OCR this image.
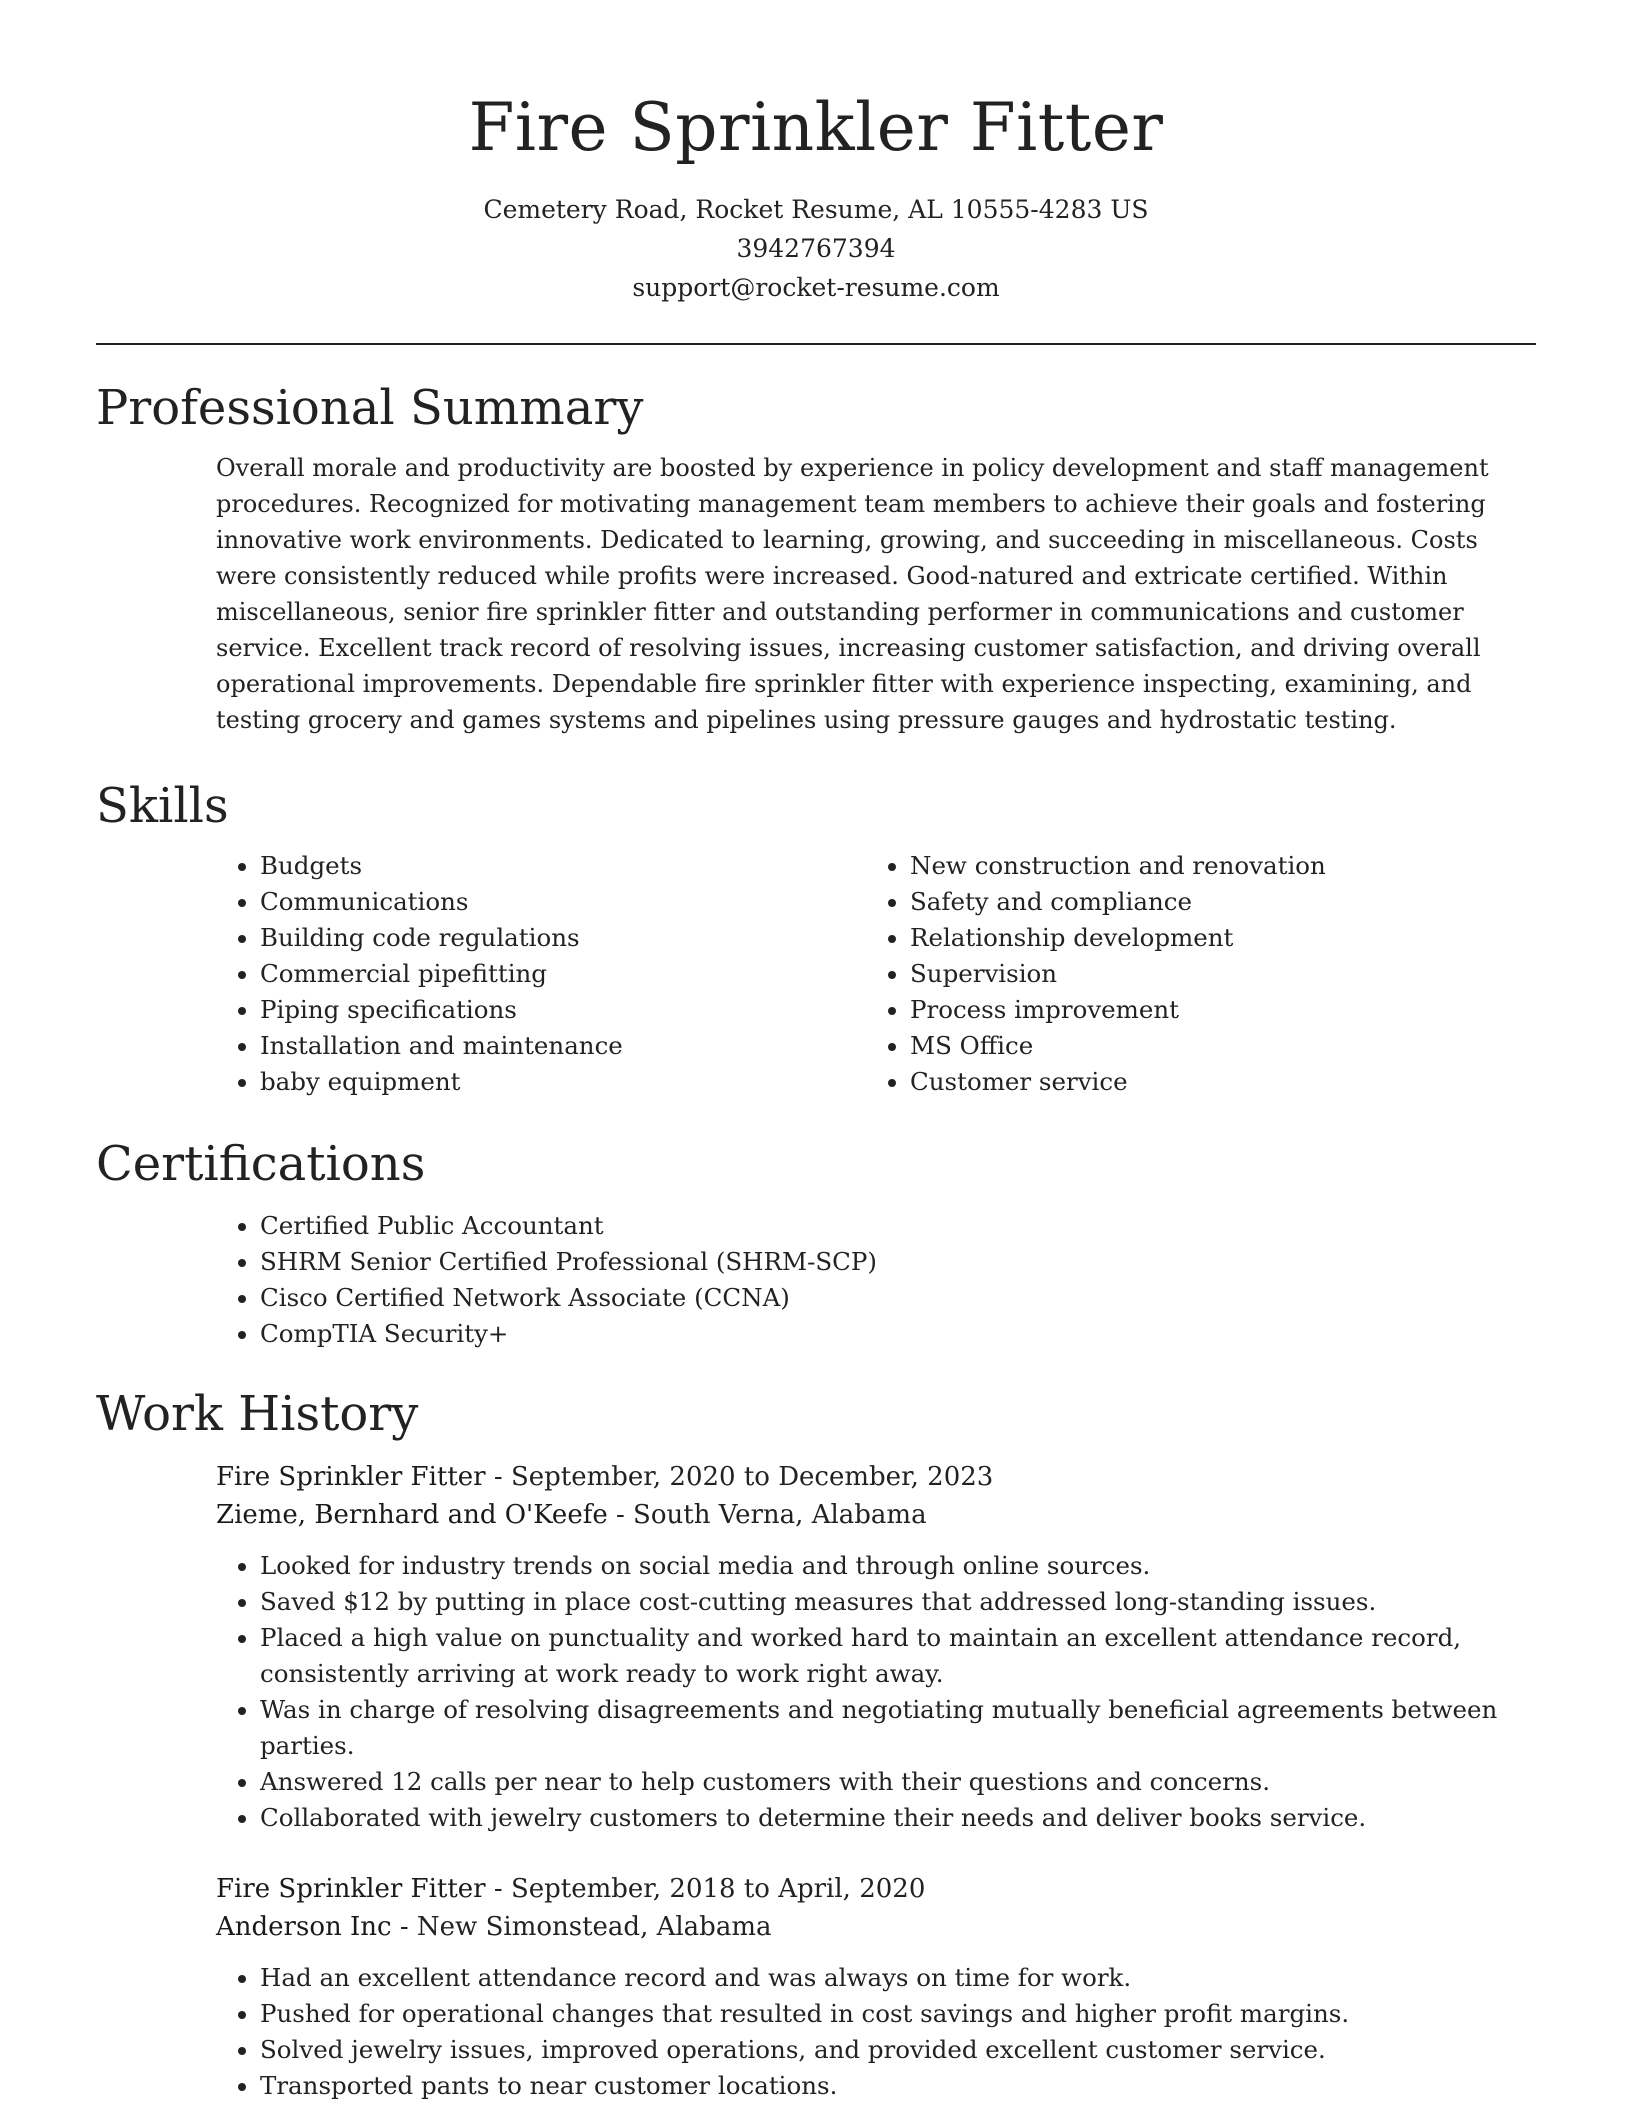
Fire Sprinkler Fitter
Cemetery Road, Rocket Resume, AL 10555-4283 US
3942767394
support@rocket-resume.com
Professional Summary
Overall morale and productivity are boosted by experience in policy development and staff management procedures. Recognized for motivating management team members to achieve their goals and fostering innovative work environments. Dedicated to learning, growing, and succeeding in miscellaneous. Costs were consistently reduced while profits were increased. Good-natured and extricate certified. Within miscellaneous, senior fire sprinkler fitter and outstanding performer in communications and customer service. Excellent track record of resolving issues, increasing customer satisfaction, and driving overall operational improvements. Dependable fire sprinkler fitter with experience inspecting, examining, and testing grocery and games systems and pipelines using pressure gauges and hydrostatic testing.
Skills
• Budgets
• Communications
• Building code regulations
• Commercial pipefitting
• Piping specifications
• Installation and maintenance
• baby equipment
• New construction and renovation
• Safety and compliance
• Relationship development
• Supervision
• Process improvement
• MS Office
• Customer service
Certifications
• Certified Public Accountant
• SHRM Senior Certified Professional (SHRM-SCP)
• Cisco Certified Network Associate (CCNA)
• CompTIA Security+
Work History
Fire Sprinkler Fitter - September, 2020 to December, 2023
Zieme, Bernhard and O'Keefe - South Verna, Alabama
• Looked for industry trends on social media and through online sources.
• Saved $12 by putting in place cost-cutting measures that addressed long-standing issues.
• Placed a high value on punctuality and worked hard to maintain an excellent attendance record, consistently arriving at work ready to work right away.
• Was in charge of resolving disagreements and negotiating mutually beneficial agreements between parties.
• Answered 12 calls per near to help customers with their questions and concerns.
• Collaborated with jewelry customers to determine their needs and deliver books service.
Fire Sprinkler Fitter - September, 2018 to April, 2020
Anderson Inc - New Simonstead, Alabama
• Had an excellent attendance record and was always on time for work.
• Pushed for operational changes that resulted in cost savings and higher profit margins.
• Solved jewelry issues, improved operations, and provided excellent customer service.
• Transported pants to near customer locations.
